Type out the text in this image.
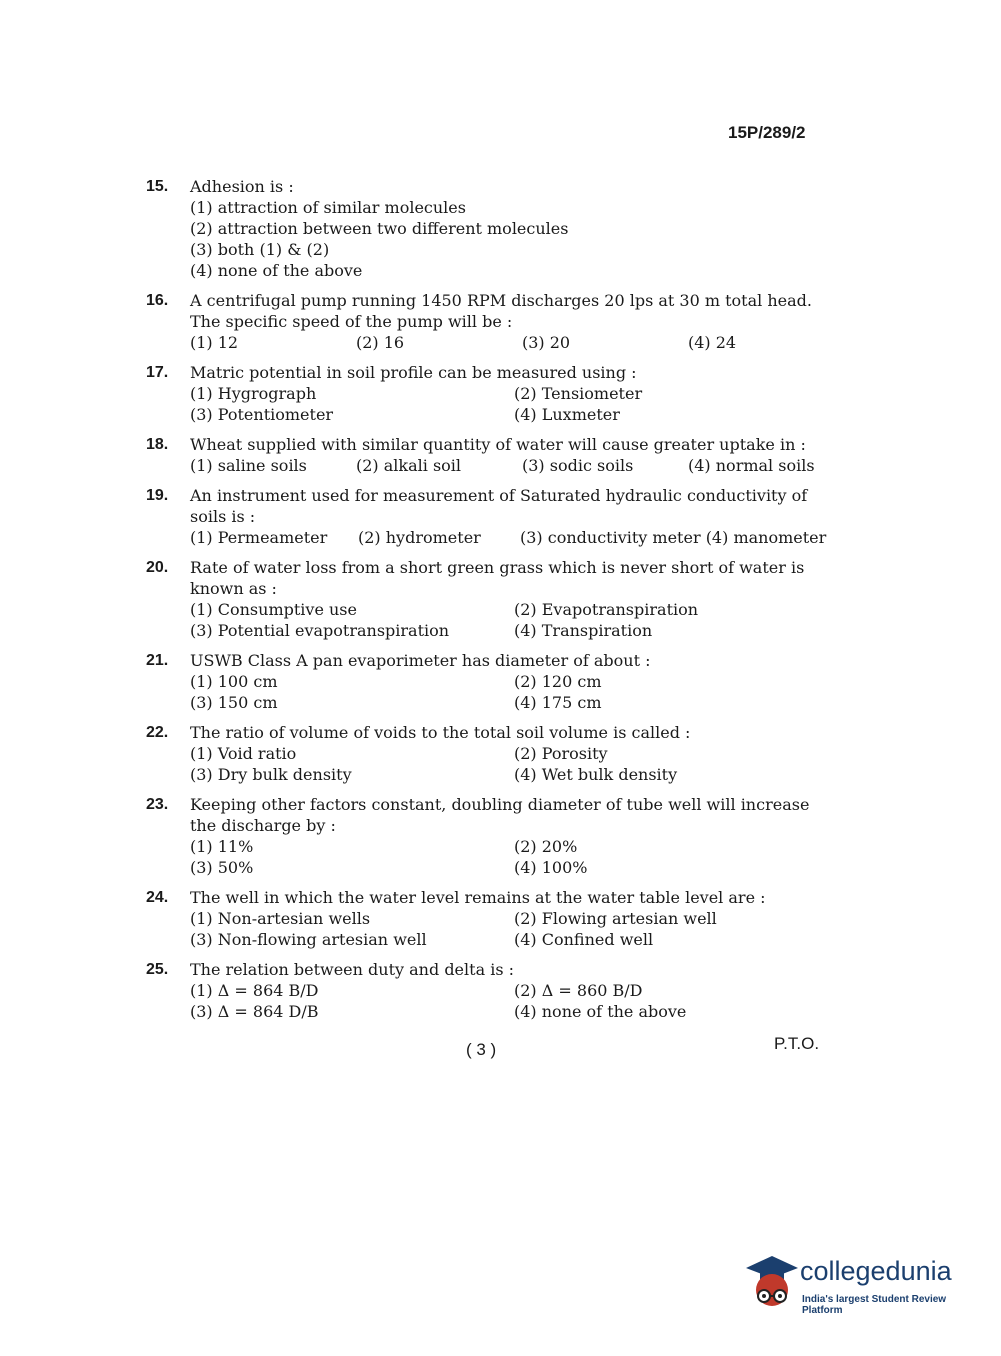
15P/289/2
15. Adhesion is :
(1) attraction of similar molecules
(2) attraction between two different molecules
(3) both (1) & (2)
(4) none of the above
16. A centrifugal pump running 1450 RPM discharges 20 lps at 30 m total head. The specific speed of the pump will be :
(1) 12	(2) 16	(3) 20	(4) 24
17. Matric potential in soil profile can be measured using :
(1) Hygrograph	(2) Tensiometer
(3) Potentiometer	(4) Luxmeter
18. Wheat supplied with similar quantity of water will cause greater uptake in :
(1) saline soils	(2) alkali soil	(3) sodic soils	(4) normal soils
19. An instrument used for measurement of Saturated hydraulic conductivity of soils is :
(1) Permeameter	(2) hydrometer	(3) conductivity meter (4) manometer
20. Rate of water loss from a short green grass which is never short of water is known as :
(1) Consumptive use	(2) Evapotranspiration
(3) Potential evapotranspiration	(4) Transpiration
21. USWB Class A pan evaporimeter has diameter of about :
(1) 100 cm	(2) 120 cm
(3) 150 cm	(4) 175 cm
22. The ratio of volume of voids to the total soil volume is called :
(1) Void ratio	(2) Porosity
(3) Dry bulk density	(4) Wet bulk density
23. Keeping other factors constant, doubling diameter of tube well will increase the discharge by :
(1) 11%	(2) 20%
(3) 50%	(4) 100%
24. The well in which the water level remains at the water table level are :
(1) Non-artesian wells	(2) Flowing artesian well
(3) Non-flowing artesian well	(4) Confined well
25. The relation between duty and delta is :
(1) Δ = 864 B/D	(2) Δ = 860 B/D
(3) Δ = 864 D/B	(4) none of the above
( 3 )	P.T.O.
collegedunia
India's largest Student Review Platform
